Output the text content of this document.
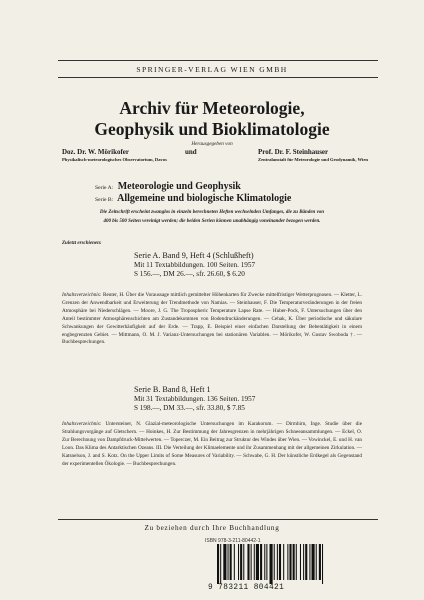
SPRINGER-VERLAG WIEN GMBH
Archiv für Meteorologie,
Geophysik und Bioklimatologie
Herausgegeben von
Doz. Dr. W. Mörikofer
Physikalisch-meteorologisches Observatorium, Davos
und	Prof. Dr. F. Steinhauser
Zentralanstalt für Meteorologie und Geodynamik, Wien
Serie A: Meteorologie und Geophysik
Serie B: Allgemeine und biologische Klimatologie
Die Zeitschrift erscheint zwanglos in einzeln berechneten Heften wechselnden Umfanges, die zu Bänden von
400 bis 500 Seiten vereinigt werden; die beiden Serien können unabhängig voneinander bezogen werden.
Zuletzt erschienen:
Serie A. Band 9, Heft 4 (Schlußheft)
Mit 11 Textabbildungen. 100 Seiten. 1957
S 156.—, DM 26.—, sfr. 26.60, $ 6.20
Inhaltsverzeichnis: Reuter, H. Über die Voraussage mittlich gemittelter Höhenkarten für Zwecke mittelfristiger Wetterprognosen. — Kletter, L. Grenzen der Anwendbarkeit und Erweiterung der Trendmethode von Namias. — Steinhauser, F. Die Temperaturveränderungen in der freien Atmosphäre bei Niederschlägen. — Moore, J. G. The Tropospheric Temperature Lapse Rate. — Huber-Pock, F. Untersuchungen über den Anteil bestimmter Atmosphärenschichten am Zustandekommen von Bodendruckänderungen. — Cehak, K. Über periodische und säkulare Schwankungen der Gewitterhäufigkeit auf der Erde. — Trapp, E. Beispiel einer einfachen Darstellung der Bebentätigkeit in einem engbegrenzten Gebiet. — Mittmann, O. M. J. Varianz-Untersuchungen bei stationären Variablen. — Mörikofer, W. Gustav Swoboda †. — Buchbesprechungen.
Serie B. Band 8, Heft 1
Mit 31 Textabbildungen. 136 Seiten. 1957
S 198.—, DM 33.—, sfr. 33.80, $ 7.85
Inhaltsverzeichnis: Untersteiner, N. Glazial-meteorologische Untersuchungen im Karakorum. — Dirmhirn, Inge. Studie über die Strahlungsvorgänge auf Gletschern. — Hoinkes, H. Zur Bestimmung der Jahresgrenzen in mehrjährigen Schneeansammlungen. — Eckel, O. Zur Berechnung von Dampfdruck-Mittelwerten. — Toperczer, M. Ein Beitrag zur Struktur des Windes über Wien. — Vowinckel, E. und H. van Loon. Das Klima des Antarktischen Ozeans. III. Die Verteilung der Klimaelemente und ihr Zusammenhang mit der allgemeinen Zirkulation. — Katsnelson, J. and S. Kotz. On the Upper Limits of Some Measures of Variability. — Schwabe, G. H. Der künstliche Erdkegel als Gegenstand der experimentellen Ökologie. — Buchbesprechungen.
Zu beziehen durch Ihre Buchhandlung
ISBN 978-3-211-80442-1
9 783211 804421
